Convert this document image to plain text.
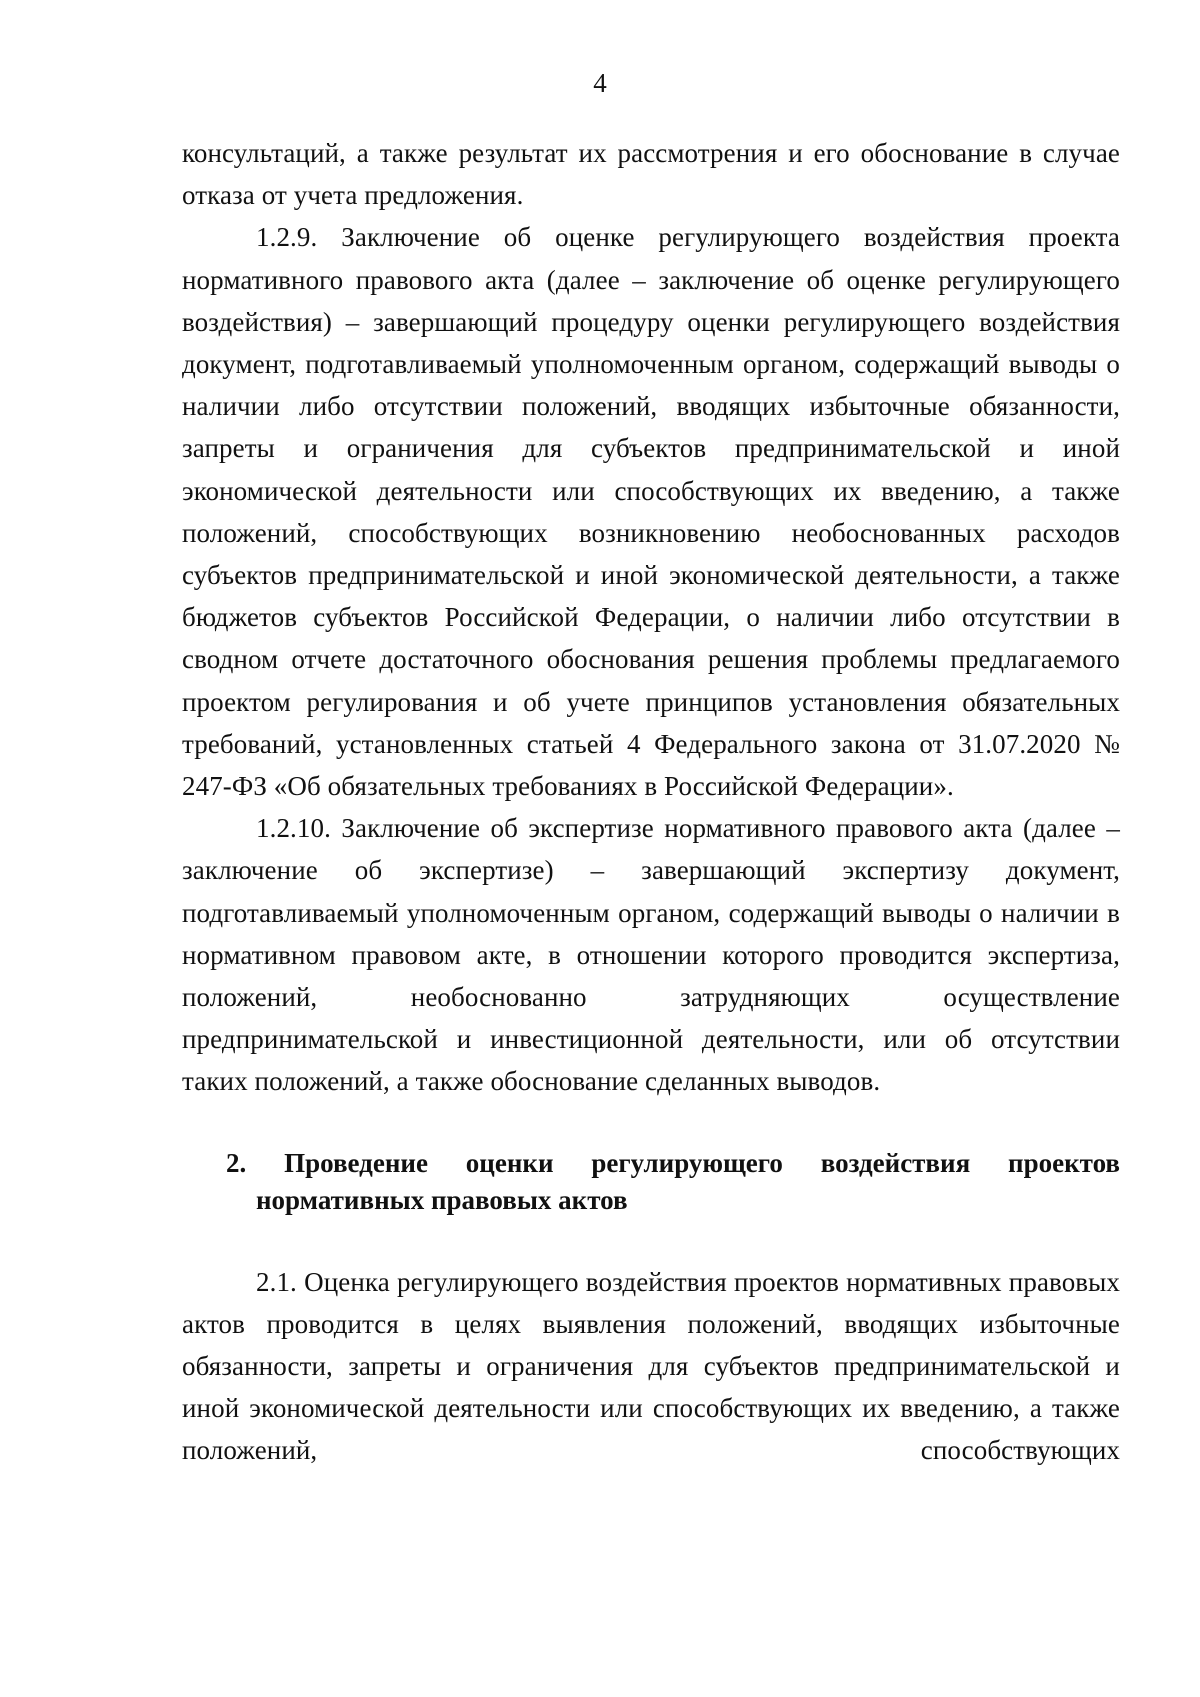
4

консультаций, а также результат их рассмотрения и его обоснование в случае отказа от учета предложения.

1.2.9. Заключение об оценке регулирующего воздействия проекта нормативного правового акта (далее – заключение об оценке регулирующего воздействия) – завершающий процедуру оценки регулирующего воздействия документ, подготавливаемый уполномоченным органом, содержащий выводы о наличии либо отсутствии положений, вводящих избыточные обязанности, запреты и ограничения для субъектов предпринимательской и иной экономической деятельности или способствующих их введению, а также положений, способствующих возникновению необоснованных расходов субъектов предпринимательской и иной экономической деятельности, а также бюджетов субъектов Российской Федерации, о наличии либо отсутствии в сводном отчете достаточного обоснования решения проблемы предлагаемого проектом регулирования и об учете принципов установления обязательных требований, установленных статьей 4 Федерального закона от 31.07.2020 № 247-ФЗ «Об обязательных требованиях в Российской Федерации».

1.2.10. Заключение об экспертизе нормативного правового акта (далее – заключение об экспертизе) – завершающий экспертизу документ, подготавливаемый уполномоченным органом, содержащий выводы о наличии в нормативном правовом акте, в отношении которого проводится экспертиза, положений, необоснованно затрудняющих осуществление предпринимательской и инвестиционной деятельности, или об отсутствии таких положений, а также обоснование сделанных выводов.

2. Проведение оценки регулирующего воздействия проектов нормативных правовых актов

2.1. Оценка регулирующего воздействия проектов нормативных правовых актов проводится в целях выявления положений, вводящих избыточные обязанности, запреты и ограничения для субъектов предпринимательской и иной экономической деятельности или способствующих их введению, а также положений, способствующих
